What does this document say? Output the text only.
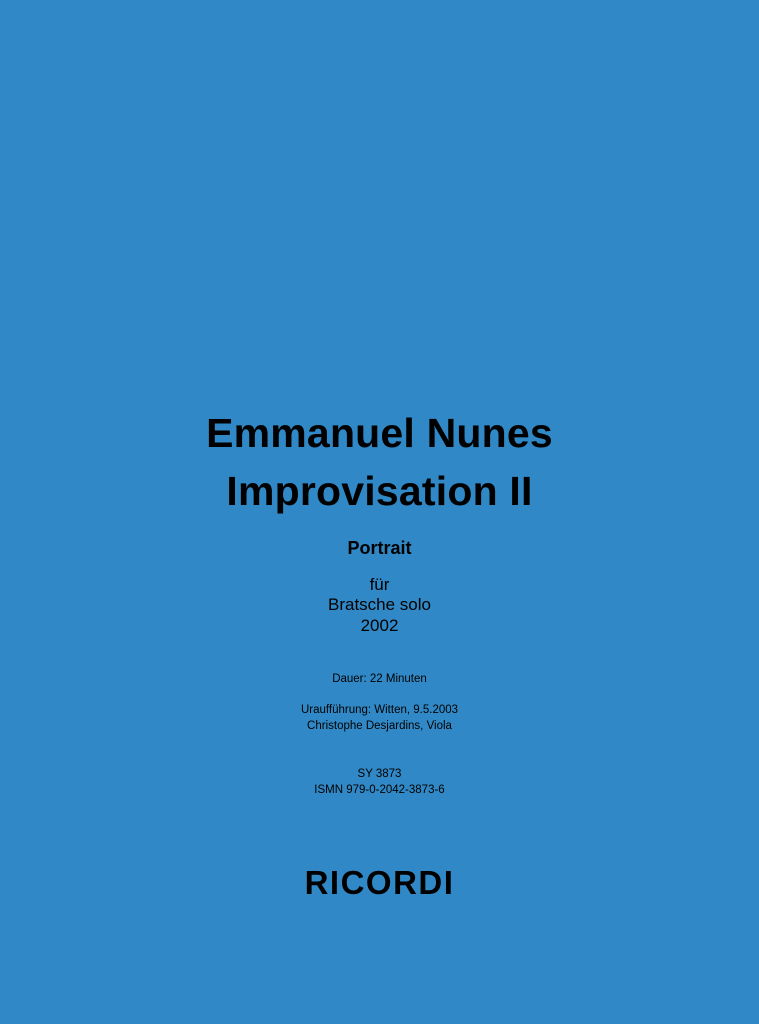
Emmanuel Nunes
Improvisation II
Portrait
für
Bratsche solo
2002
Dauer: 22 Minuten
Uraufführung: Witten, 9.5.2003
Christophe Desjardins, Viola
SY 3873
ISMN 979-0-2042-3873-6
RICORDI
